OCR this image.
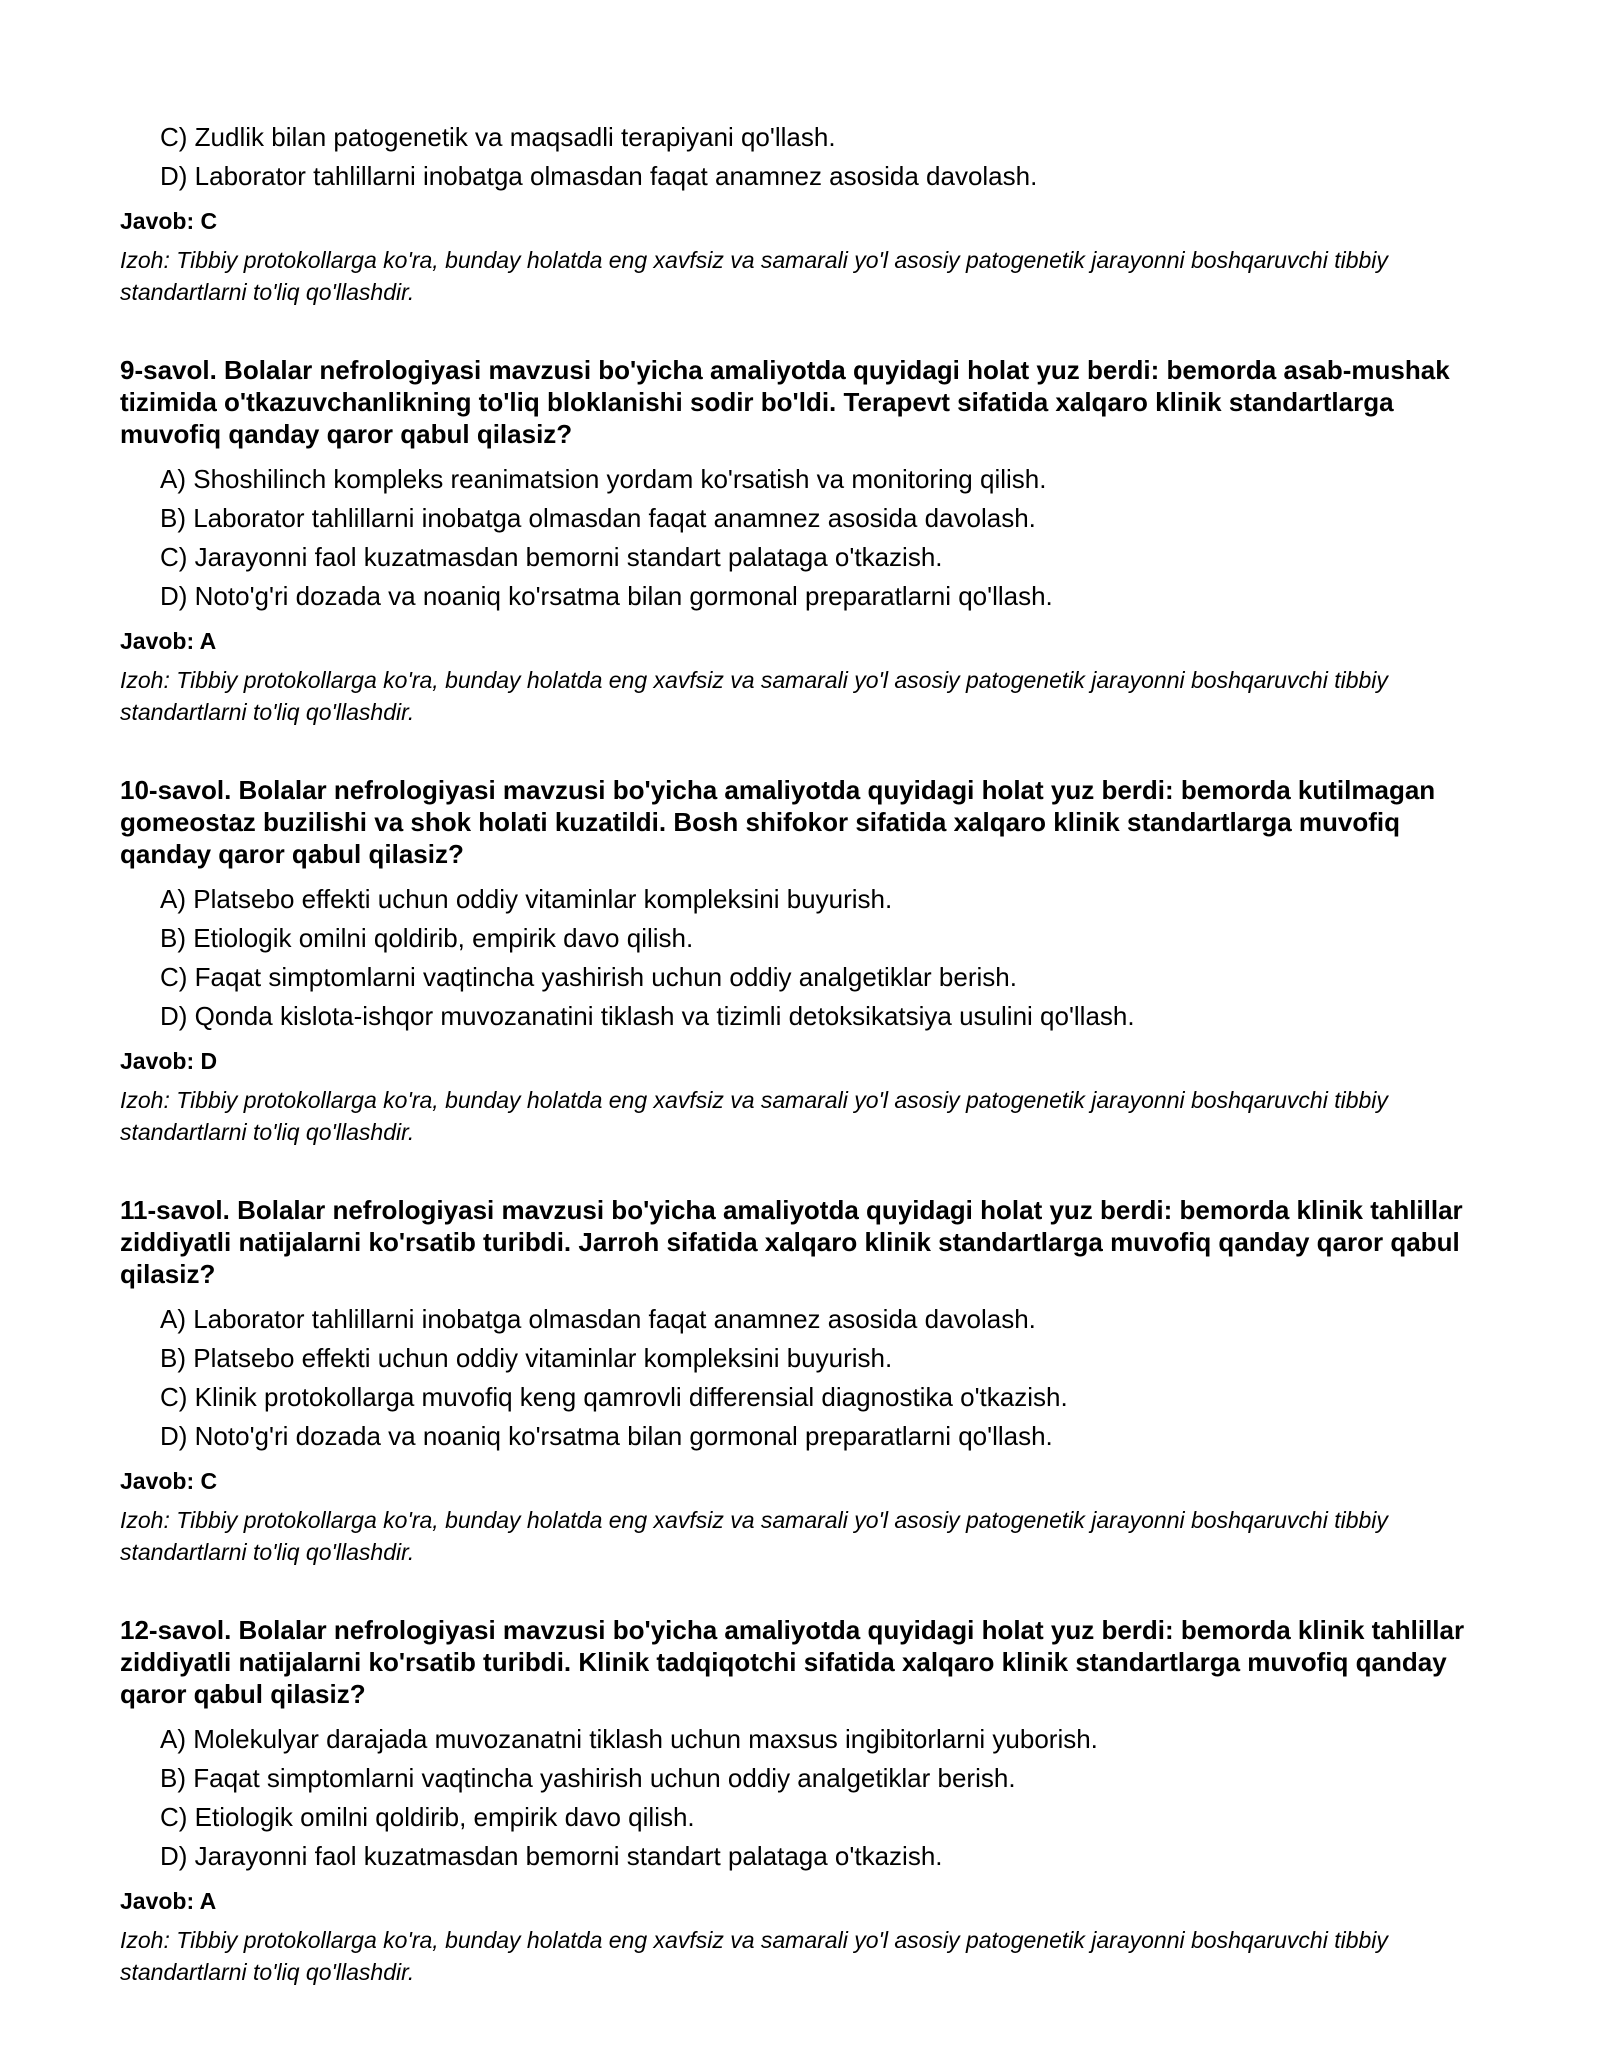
C) Zudlik bilan patogenetik va maqsadli terapiyani qo'llash.
D) Laborator tahlillarni inobatga olmasdan faqat anamnez asosida davolash.
Javob: C
Izoh: Tibbiy protokollarga ko'ra, bunday holatda eng xavfsiz va samarali yo'l asosiy patogenetik jarayonni boshqaruvchi tibbiy standartlarni to'liq qo'llashdir.
9-savol. Bolalar nefrologiyasi mavzusi bo'yicha amaliyotda quyidagi holat yuz berdi: bemorda asab-mushak tizimida o'tkazuvchanlikning to'liq bloklanishi sodir bo'ldi. Terapevt sifatida xalqaro klinik standartlarga muvofiq qanday qaror qabul qilasiz?
A) Shoshilinch kompleks reanimatsion yordam ko'rsatish va monitoring qilish.
B) Laborator tahlillarni inobatga olmasdan faqat anamnez asosida davolash.
C) Jarayonni faol kuzatmasdan bemorni standart palataga o'tkazish.
D) Noto'g'ri dozada va noaniq ko'rsatma bilan gormonal preparatlarni qo'llash.
Javob: A
Izoh: Tibbiy protokollarga ko'ra, bunday holatda eng xavfsiz va samarali yo'l asosiy patogenetik jarayonni boshqaruvchi tibbiy standartlarni to'liq qo'llashdir.
10-savol. Bolalar nefrologiyasi mavzusi bo'yicha amaliyotda quyidagi holat yuz berdi: bemorda kutilmagan gomeostaz buzilishi va shok holati kuzatildi. Bosh shifokor sifatida xalqaro klinik standartlarga muvofiq qanday qaror qabul qilasiz?
A) Platsebo effekti uchun oddiy vitaminlar kompleksini buyurish.
B) Etiologik omilni qoldirib, empirik davo qilish.
C) Faqat simptomlarni vaqtincha yashirish uchun oddiy analgetiklar berish.
D) Qonda kislota-ishqor muvozanatini tiklash va tizimli detoksikatsiya usulini qo'llash.
Javob: D
Izoh: Tibbiy protokollarga ko'ra, bunday holatda eng xavfsiz va samarali yo'l asosiy patogenetik jarayonni boshqaruvchi tibbiy standartlarni to'liq qo'llashdir.
11-savol. Bolalar nefrologiyasi mavzusi bo'yicha amaliyotda quyidagi holat yuz berdi: bemorda klinik tahlillar ziddiyatli natijalarni ko'rsatib turibdi. Jarroh sifatida xalqaro klinik standartlarga muvofiq qanday qaror qabul qilasiz?
A) Laborator tahlillarni inobatga olmasdan faqat anamnez asosida davolash.
B) Platsebo effekti uchun oddiy vitaminlar kompleksini buyurish.
C) Klinik protokollarga muvofiq keng qamrovli differensial diagnostika o'tkazish.
D) Noto'g'ri dozada va noaniq ko'rsatma bilan gormonal preparatlarni qo'llash.
Javob: C
Izoh: Tibbiy protokollarga ko'ra, bunday holatda eng xavfsiz va samarali yo'l asosiy patogenetik jarayonni boshqaruvchi tibbiy standartlarni to'liq qo'llashdir.
12-savol. Bolalar nefrologiyasi mavzusi bo'yicha amaliyotda quyidagi holat yuz berdi: bemorda klinik tahlillar ziddiyatli natijalarni ko'rsatib turibdi. Klinik tadqiqotchi sifatida xalqaro klinik standartlarga muvofiq qanday qaror qabul qilasiz?
A) Molekulyar darajada muvozanatni tiklash uchun maxsus ingibitorlarni yuborish.
B) Faqat simptomlarni vaqtincha yashirish uchun oddiy analgetiklar berish.
C) Etiologik omilni qoldirib, empirik davo qilish.
D) Jarayonni faol kuzatmasdan bemorni standart palataga o'tkazish.
Javob: A
Izoh: Tibbiy protokollarga ko'ra, bunday holatda eng xavfsiz va samarali yo'l asosiy patogenetik jarayonni boshqaruvchi tibbiy standartlarni to'liq qo'llashdir.
